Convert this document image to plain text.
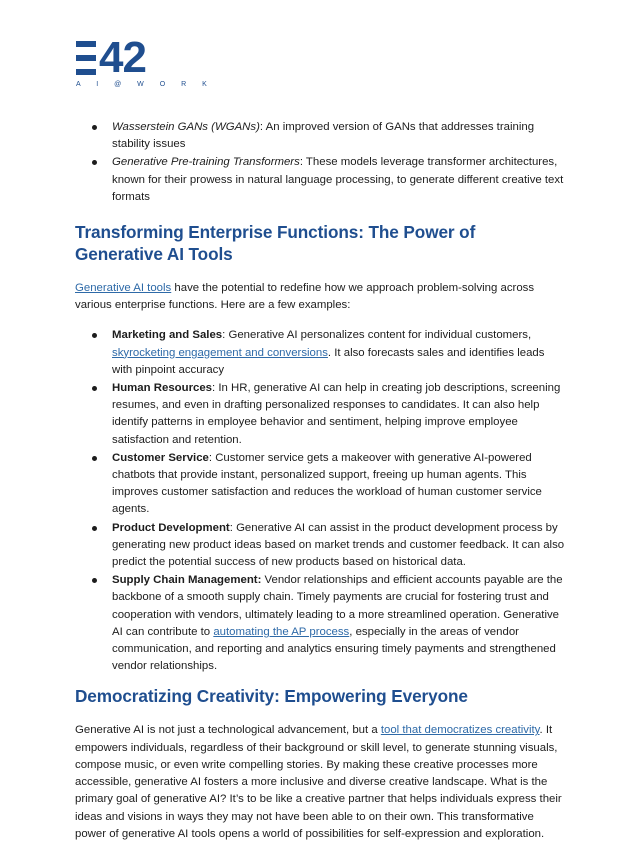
42
A I @ W O R K
Wasserstein GANs (WGANs): An improved version of GANs that addresses training stability issues
Generative Pre-training Transformers: These models leverage transformer architectures, known for their prowess in natural language processing, to generate different creative text formats
Transforming Enterprise Functions: The Power of Generative AI Tools

Generative AI tools have the potential to redefine how we approach problem-solving across various enterprise functions. Here are a few examples:

Marketing and Sales: Generative AI personalizes content for individual customers, skyrocketing engagement and conversions. It also forecasts sales and identifies leads with pinpoint accuracy
Human Resources: In HR, generative AI can help in creating job descriptions, screening resumes, and even in drafting personalized responses to candidates. It can also help identify patterns in employee behavior and sentiment, helping improve employee satisfaction and retention.
Customer Service: Customer service gets a makeover with generative AI-powered chatbots that provide instant, personalized support, freeing up human agents. This improves customer satisfaction and reduces the workload of human customer service agents.
Product Development: Generative AI can assist in the product development process by generating new product ideas based on market trends and customer feedback. It can also predict the potential success of new products based on historical data.
Supply Chain Management: Vendor relationships and efficient accounts payable are the backbone of a smooth supply chain. Timely payments are crucial for fostering trust and cooperation with vendors, ultimately leading to a more streamlined operation. Generative AI can contribute to automating the AP process, especially in the areas of vendor communication, and reporting and analytics ensuring timely payments and strengthened vendor relationships.
Democratizing Creativity: Empowering Everyone

Generative AI is not just a technological advancement, but a tool that democratizes creativity. It empowers individuals, regardless of their background or skill level, to generate stunning visuals, compose music, or even write compelling stories. By making these creative processes more accessible, generative AI fosters a more inclusive and diverse creative landscape. What is the primary goal of generative AI? It’s to be like a creative partner that helps individuals express their ideas and visions in ways they may not have been able to on their own. This transformative power of generative AI tools opens a world of possibilities for self-expression and exploration.
